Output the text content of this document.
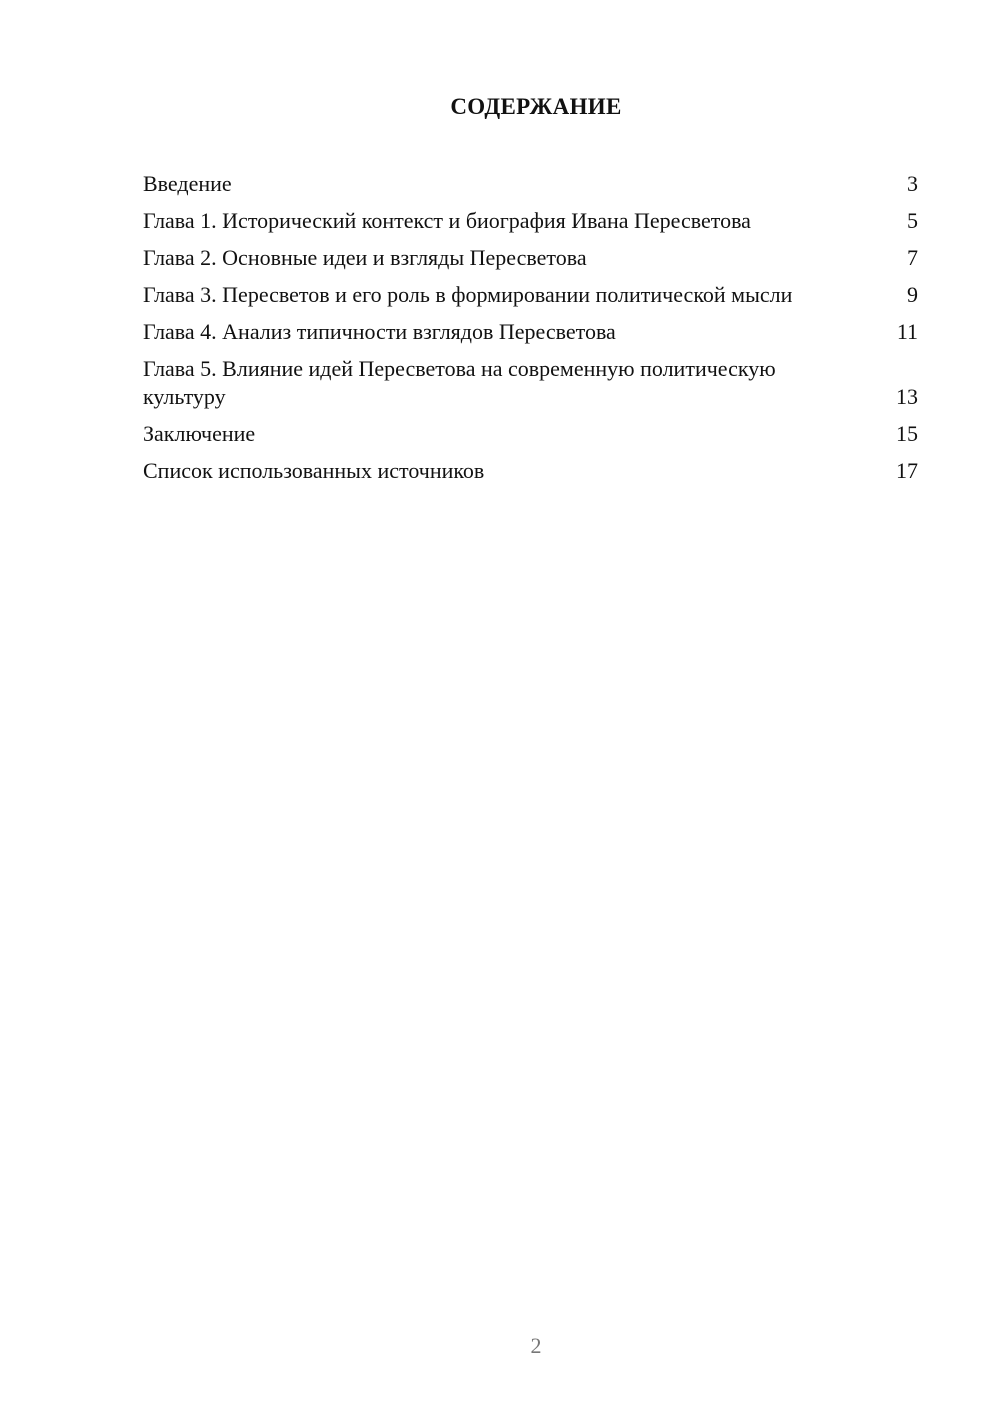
СОДЕРЖАНИЕ
Введение	3
Глава 1. Исторический контекст и биография Ивана Пересветова	5
Глава 2. Основные идеи и взгляды Пересветова	7
Глава 3. Пересветов и его роль в формировании политической мысли	9
Глава 4. Анализ типичности взглядов Пересветова	11
Глава 5. Влияние идей Пересветова на современную политическую культуру	13
Заключение	15
Список использованных источников	17
2
